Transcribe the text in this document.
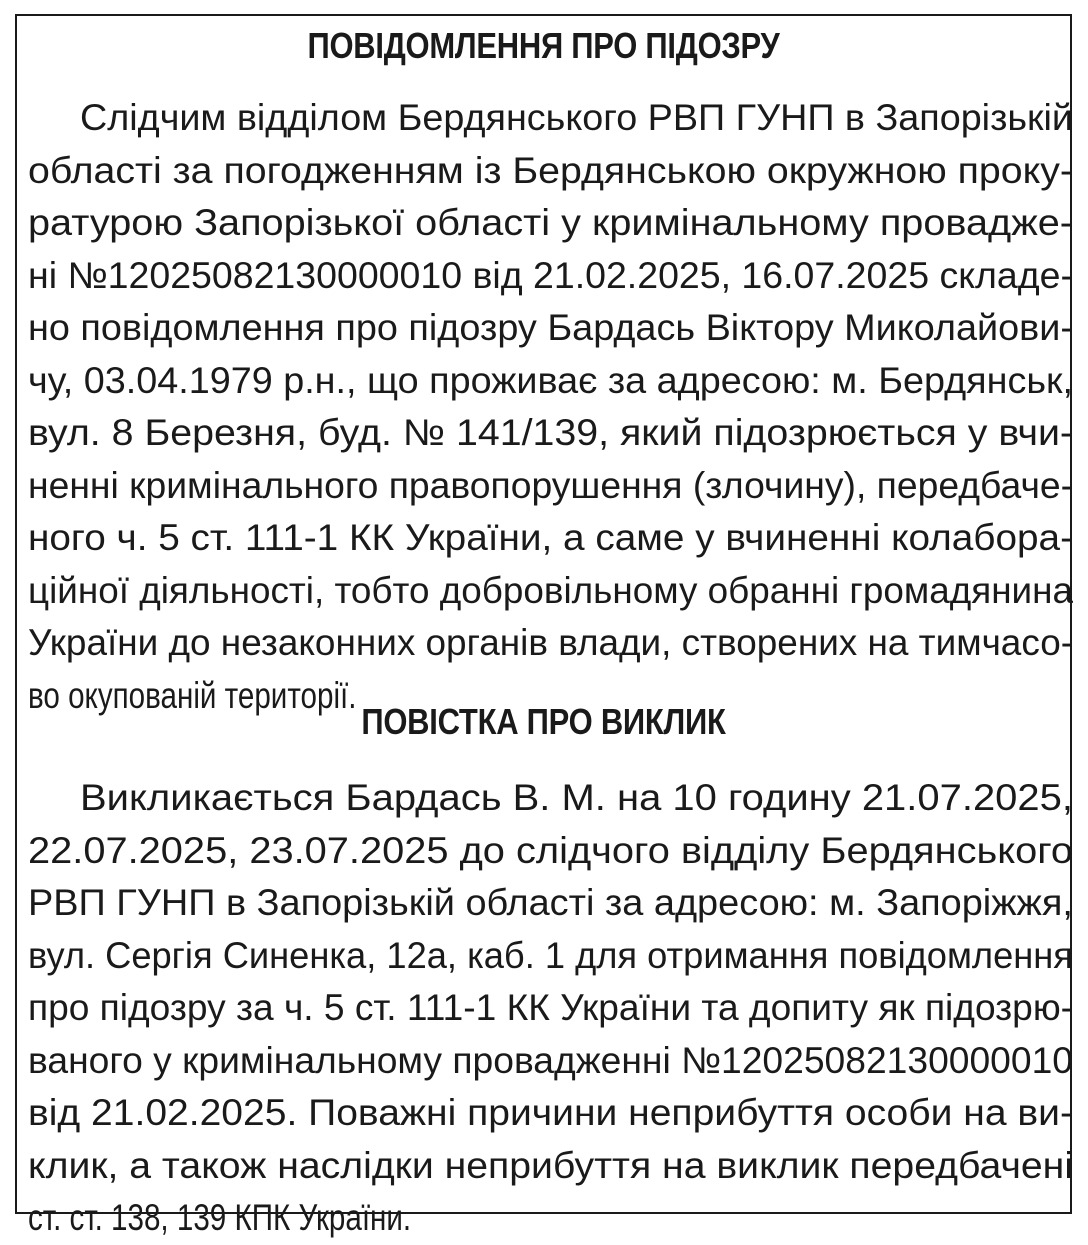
ПОВІДОМЛЕННЯ ПРО ПІДОЗРУ
Слідчим відділом Бердянського РВП ГУНП в Запорізькій
області за погодженням із Бердянською окружною проку-
ратурою Запорізької області у кримінальному провадже-
ні №12025082130000010 від 21.02.2025, 16.07.2025 складе-
но повідомлення про підозру Бардась Віктору Миколайови-
чу, 03.04.1979 р.н., що проживає за адресою: м. Бердянськ,
вул. 8 Березня, буд. № 141/139, який підозрюється у вчи-
ненні кримінального правопорушення (злочину), передбаче-
ного ч. 5 ст. 111-1 КК України, а саме у вчиненні колабора-
ційної діяльності, тобто добровільному обранні громадянина
України до незаконних органів влади, створених на тимчасо-
во окупованій території.
ПОВІСТКА ПРО ВИКЛИК
Викликається Бардась В. М. на 10 годину 21.07.2025,
22.07.2025, 23.07.2025 до слідчого відділу Бердянського
РВП ГУНП в Запорізькій області за адресою: м. Запоріжжя,
вул. Сергія Синенка, 12а, каб. 1 для отримання повідомлення
про підозру за ч. 5 ст. 111-1 КК України та допиту як підозрю-
ваного у кримінальному провадженні №12025082130000010
від 21.02.2025. Поважні причини неприбуття особи на ви-
клик, а також наслідки неприбуття на виклик передбачені
ст. ст. 138, 139 КПК України.
